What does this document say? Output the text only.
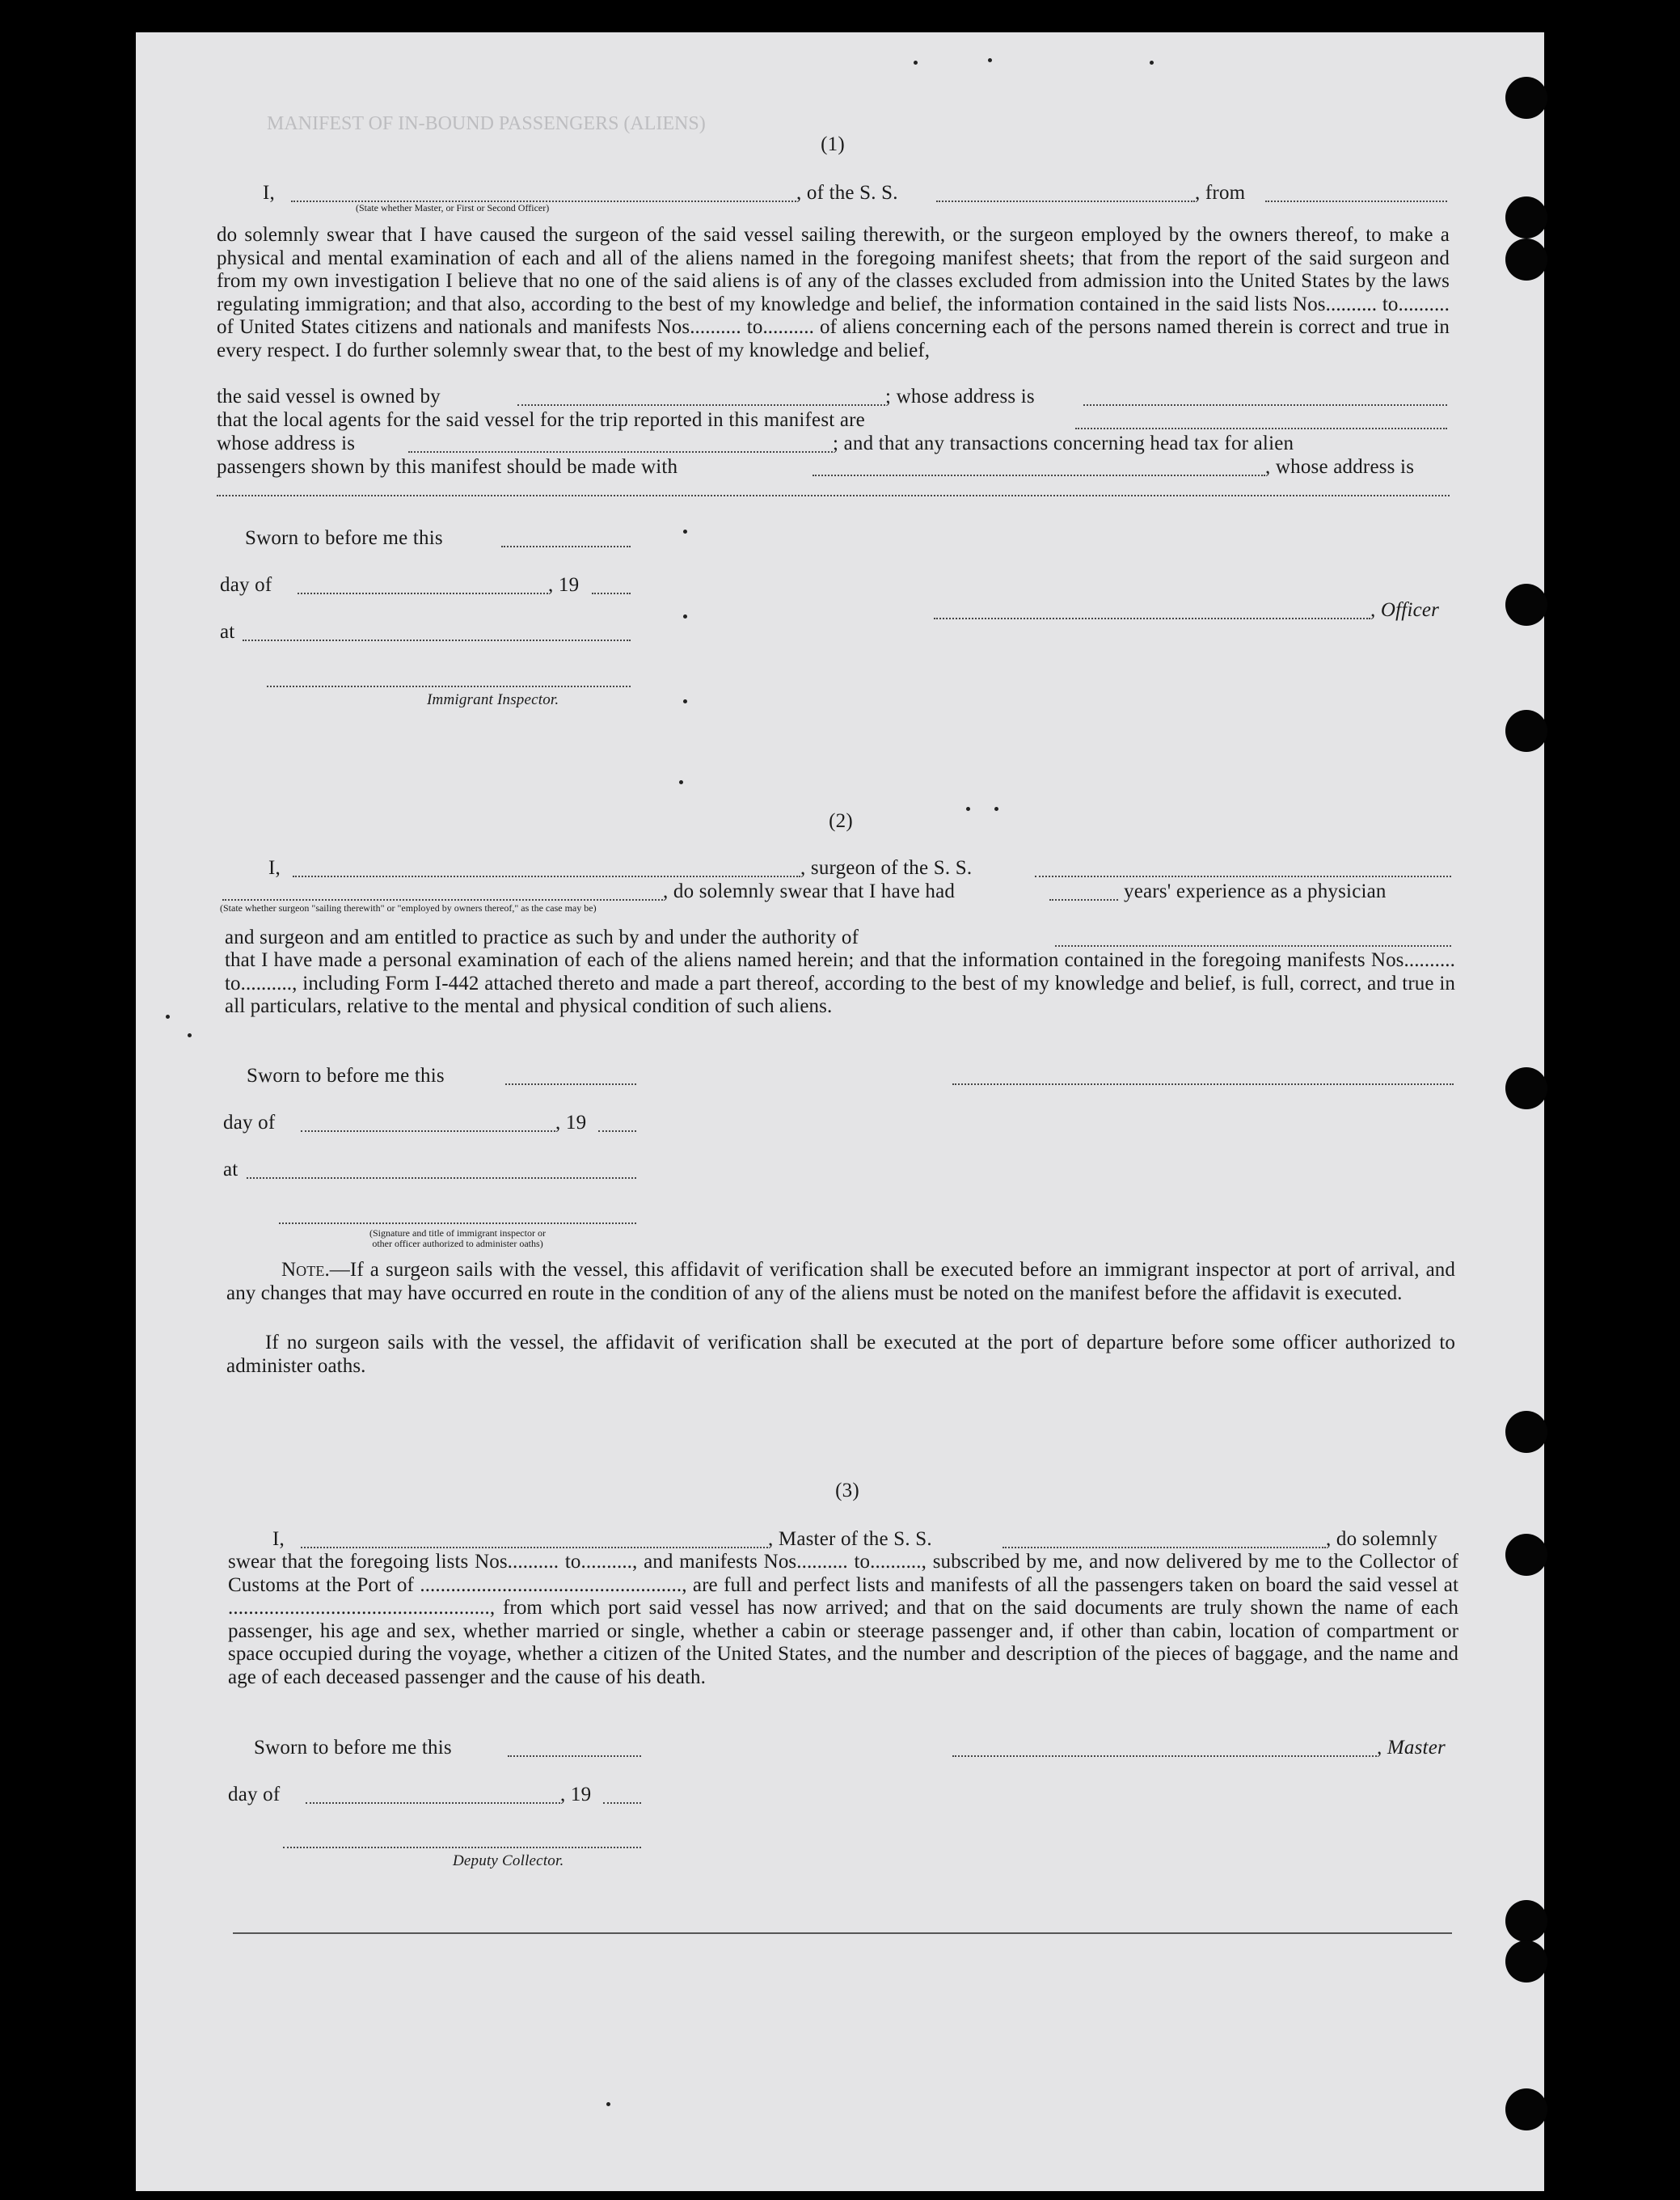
MANIFEST OF IN-BOUND PASSENGERS (ALIENS)
(1)
I,	, of the S. S.	, from
(State whether Master, or First or Second Officer)
do solemnly swear that I have caused the surgeon of the said vessel sailing therewith, or the surgeon employed by the owners thereof, to make a physical and mental examination of each and all of the aliens named in the foregoing manifest sheets; that from the report of the said surgeon and from my own investigation I believe that no one of the said aliens is of any of the classes excluded from admission into the United States by the laws regulating immigration; and that also, according to the best of my knowledge and belief, the information contained in the said lists Nos.......... to.......... of United States citizens and nationals and manifests Nos.......... to.......... of aliens concerning each of the persons named therein is correct and true in every respect. I do further solemnly swear that, to the best of my knowledge and belief,
the said vessel is owned by	; whose address is
that the local agents for the said vessel for the trip reported in this manifest are
whose address is	; and that any transactions concerning head tax for alien
passengers shown by this manifest should be made with	, whose address is
Sworn to before me this
day of	, 19
at
Immigrant Inspector.
, Officer
(2)
I,	, surgeon of the S. S.
, do solemnly swear that I have had	years' experience as a physician
(State whether surgeon "sailing therewith" or "employed by owners thereof," as the case may be)
and surgeon and am entitled to practice as such by and under the authority of
that I have made a personal examination of each of the aliens named herein; and that the information contained in the foregoing manifests Nos.......... to.........., including Form I-442 attached thereto and made a part thereof, according to the best of my knowledge and belief, is full, correct, and true in all particulars, relative to the mental and physical condition of such aliens.
Sworn to before me this
day of	, 19
at
(Signature and title of immigrant inspector or
other officer authorized to administer oaths)
Note.—If a surgeon sails with the vessel, this affidavit of verification shall be executed before an immigrant inspector at port of arrival, and any changes that may have occurred en route in the condition of any of the aliens must be noted on the manifest before the affidavit is executed.
If no surgeon sails with the vessel, the affidavit of verification shall be executed at the port of departure before some officer authorized to administer oaths.
(3)
I,	, Master of the S. S.	, do solemnly
swear that the foregoing lists Nos.......... to.........., and manifests Nos.......... to.........., subscribed by me, and now delivered by me to the Collector of Customs at the Port of ..................................................., are full and perfect lists and manifests of all the passengers taken on board the said vessel at ..................................................., from which port said vessel has now arrived; and that on the said documents are truly shown the name of each passenger, his age and sex, whether married or single, whether a cabin or steerage passenger and, if other than cabin, location of compartment or space occupied during the voyage, whether a citizen of the United States, and the number and description of the pieces of baggage, and the name and age of each deceased passenger and the cause of his death.
Sworn to before me this	, Master
day of	, 19
Deputy Collector.
